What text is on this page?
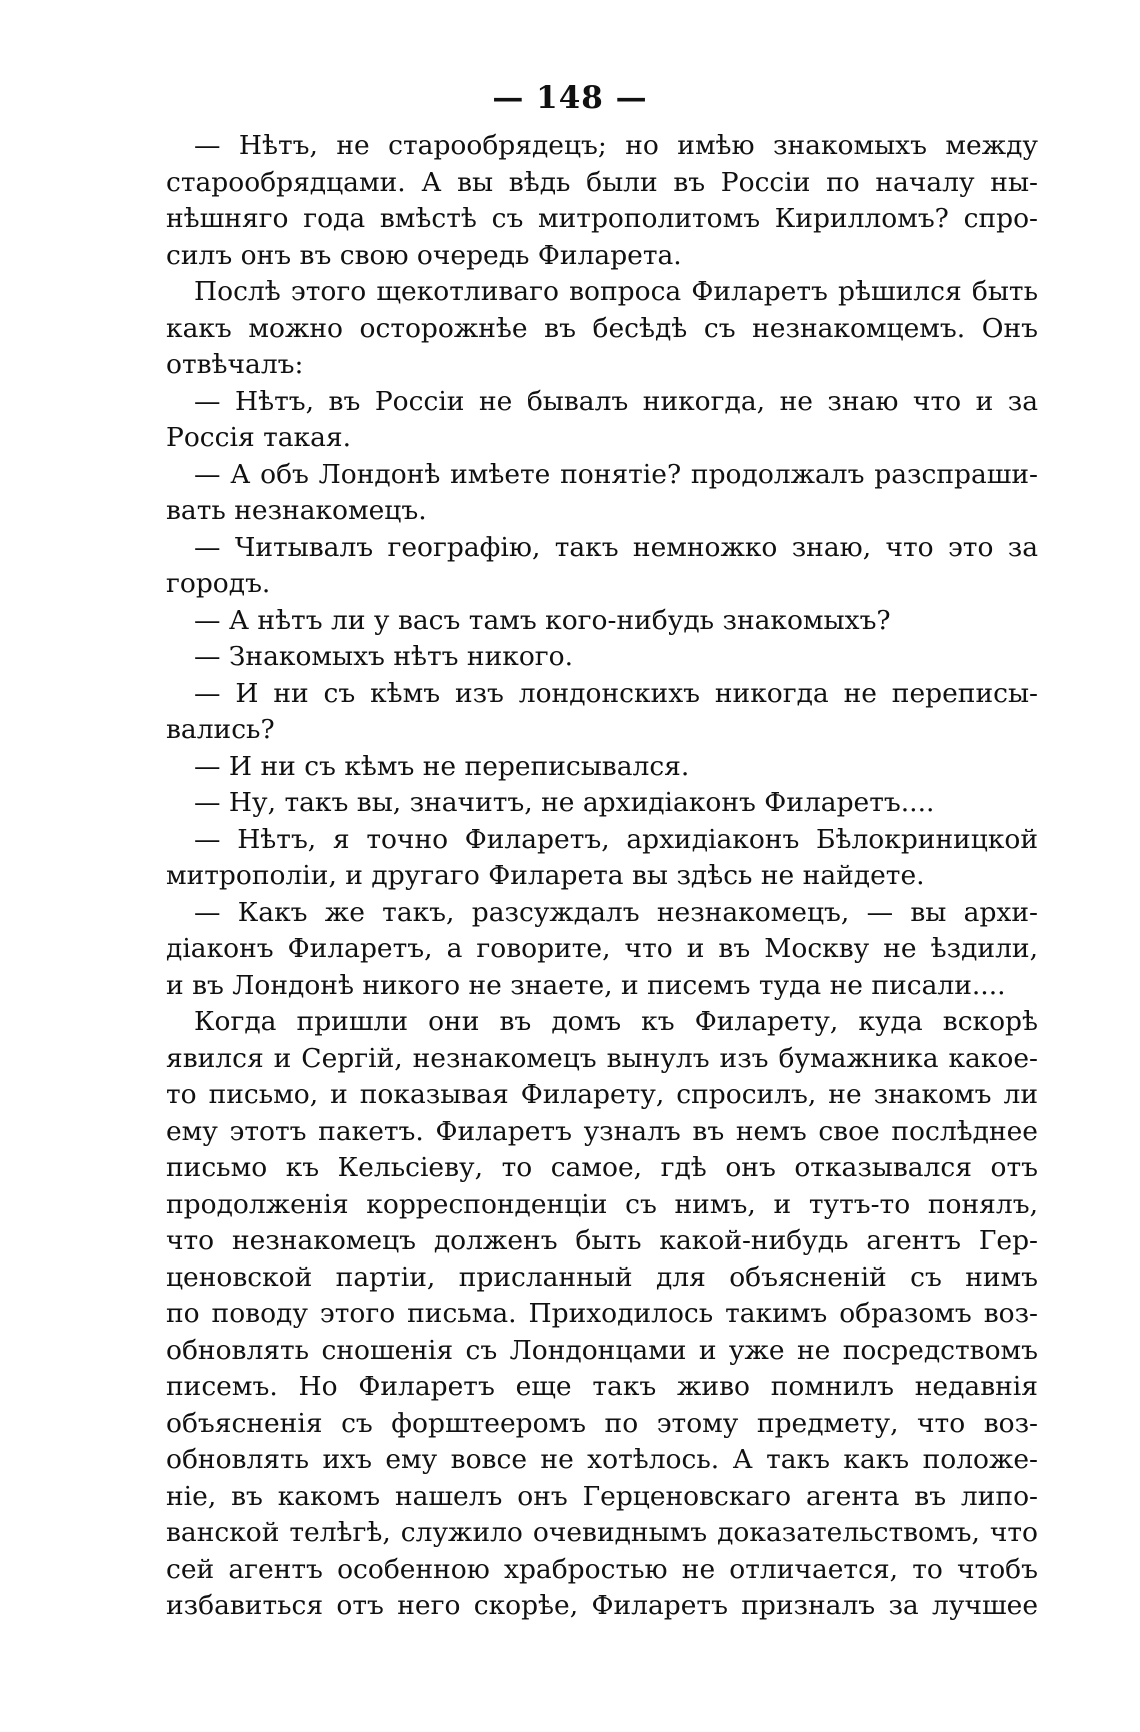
— 148 —
— Нѣтъ, не старообрядецъ; но имѣю знакомыхъ между
старообрядцами. А вы вѣдь были въ Россіи по началу ны-
нѣшняго года вмѣстѣ съ митрополитомъ Кирилломъ? спро-
силъ онъ въ свою очередь Филарета.
Послѣ этого щекотливаго вопроса Филаретъ рѣшился быть
какъ можно осторожнѣе въ бесѣдѣ съ незнакомцемъ. Онъ
отвѣчалъ:
— Нѣтъ, въ Россіи не бывалъ никогда, не знаю что и за
Россія такая.
— А объ Лондонѣ имѣете понятіе? продолжалъ разспраши-
вать незнакомецъ.
— Читывалъ географію, такъ немножко знаю, что это за
городъ.
— А нѣтъ ли у васъ тамъ кого-нибудь знакомыхъ?
— Знакомыхъ нѣтъ никого.
— И ни съ кѣмъ изъ лондонскихъ никогда не переписы-
вались?
— И ни съ кѣмъ не переписывался.
— Ну, такъ вы, значитъ, не архидіаконъ Филаретъ....
— Нѣтъ, я точно Филаретъ, архидіаконъ Бѣлокриницкой
митрополіи, и другаго Филарета вы здѣсь не найдете.
— Какъ же такъ, разсуждалъ незнакомецъ, — вы архи-
діаконъ Филаретъ, а говорите, что и въ Москву не ѣздили,
и въ Лондонѣ никого не знаете, и писемъ туда не писали....
Когда пришли они въ домъ къ Филарету, куда вскорѣ
явился и Сергій, незнакомецъ вынулъ изъ бумажника какое-
то письмо, и показывая Филарету, спросилъ, не знакомъ ли
ему этотъ пакетъ. Филаретъ узналъ въ немъ свое послѣднее
письмо къ Кельсіеву, то самое, гдѣ онъ отказывался отъ
продолженія корреспонденціи съ нимъ, и тутъ-то понялъ,
что незнакомецъ долженъ быть какой-нибудь агентъ Гер-
ценовской партіи, присланный для объясненій съ нимъ
по поводу этого письма. Приходилось такимъ образомъ воз-
обновлять сношенія съ Лондонцами и уже не посредствомъ
писемъ. Но Филаретъ еще такъ живо помнилъ недавнія
объясненія съ форштееромъ по этому предмету, что воз-
обновлять ихъ ему вовсе не хотѣлось. А такъ какъ положе-
ніе, въ какомъ нашелъ онъ Герценовскаго агента въ липо-
ванской телѣгѣ, служило очевиднымъ доказательствомъ, что
сей агентъ особенною храбростью не отличается, то чтобъ
избавиться отъ него скорѣе, Филаретъ призналъ за лучшее
